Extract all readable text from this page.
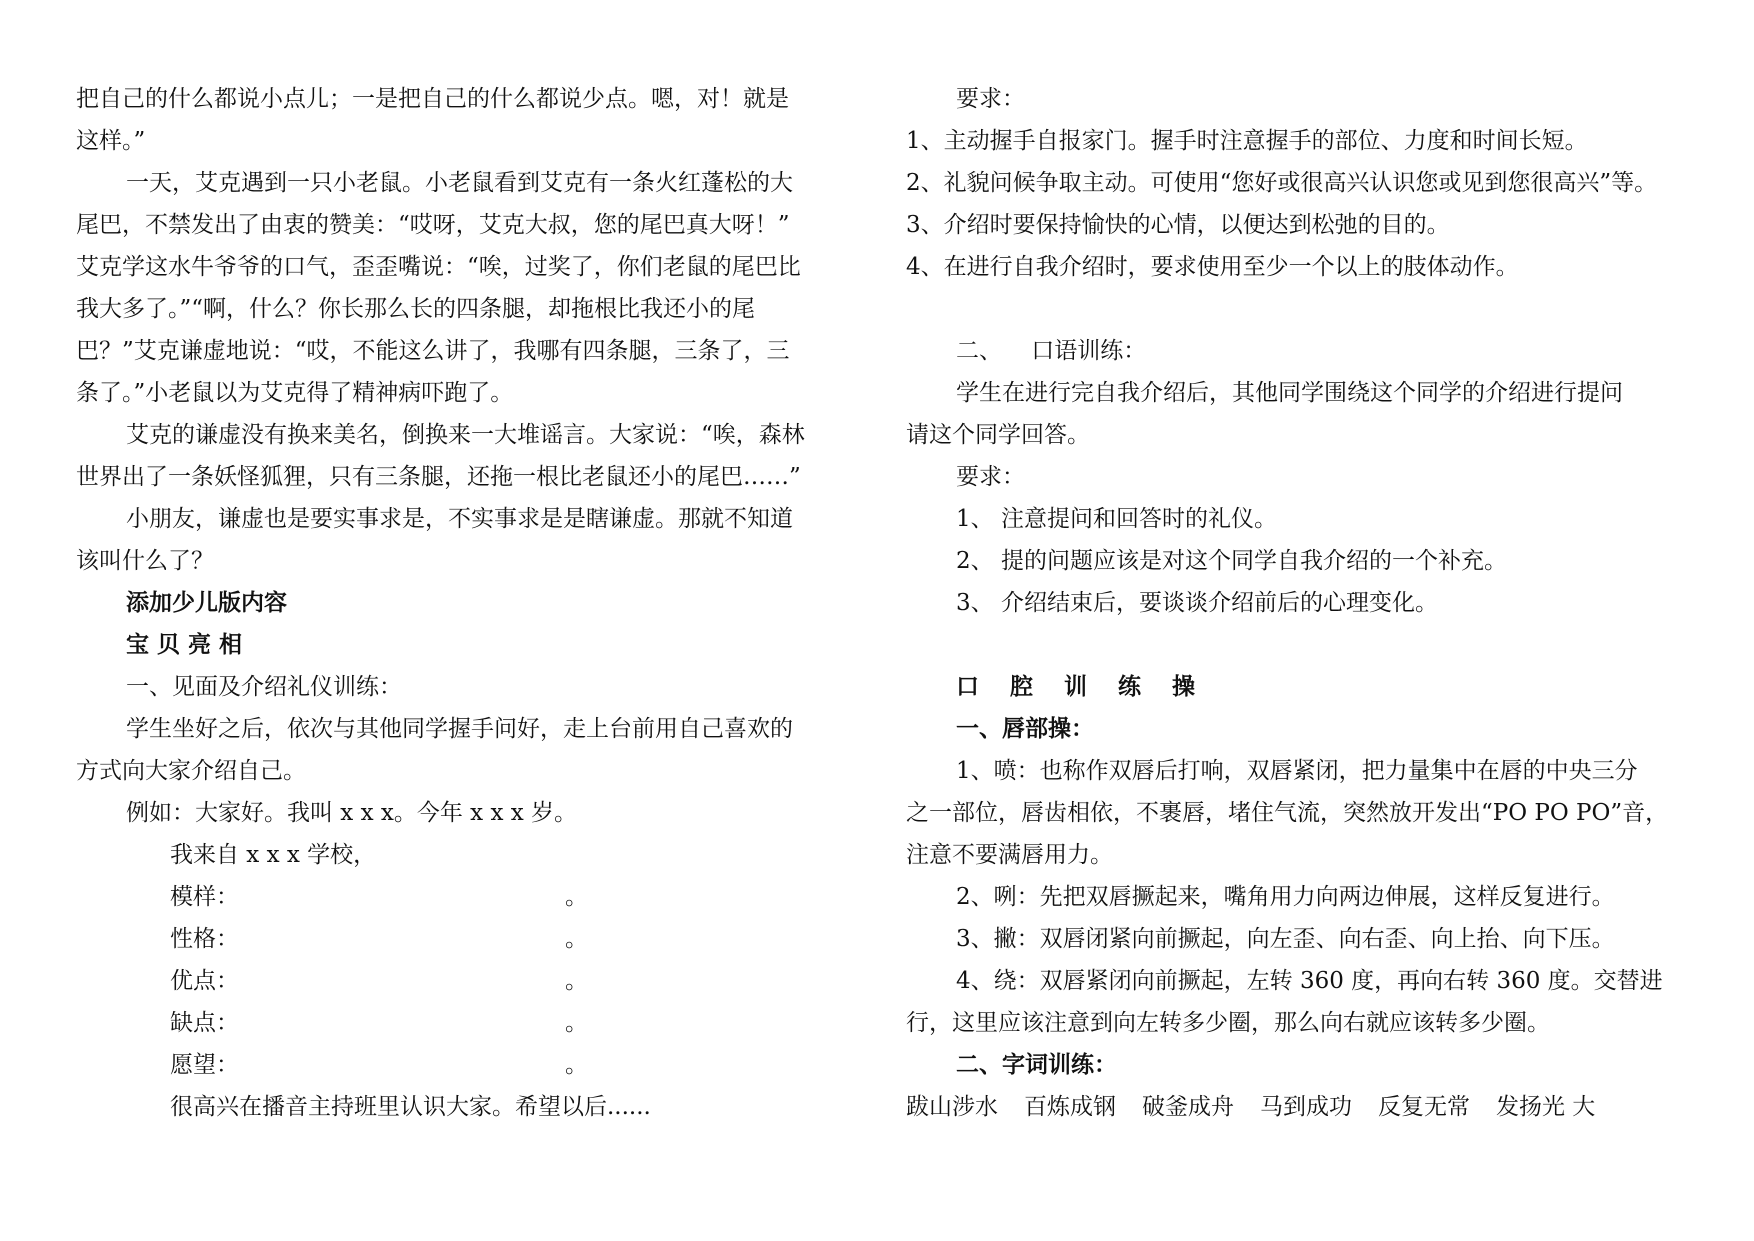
把自己的什么都说小点儿；一是把自己的什么都说少点。嗯，对！就是
这样。”
一天，艾克遇到一只小老鼠。小老鼠看到艾克有一条火红蓬松的大
尾巴，不禁发出了由衷的赞美：“哎呀，艾克大叔，您的尾巴真大呀！”
艾克学这水牛爷爷的口气，歪歪嘴说：“唉，过奖了，你们老鼠的尾巴比
我大多了。”“啊，什么？你长那么长的四条腿，却拖根比我还小的尾
巴？”艾克谦虚地说：“哎，不能这么讲了，我哪有四条腿，三条了，三
条了。”小老鼠以为艾克得了精神病吓跑了。
艾克的谦虚没有换来美名，倒换来一大堆谣言。大家说：“唉，森林
世界出了一条妖怪狐狸，只有三条腿，还拖一根比老鼠还小的尾巴……”
小朋友，谦虚也是要实事求是，不实事求是是瞎谦虚。那就不知道
该叫什么了？
添加少儿版内容
宝 贝 亮 相
一、见面及介绍礼仪训练：
学生坐好之后，依次与其他同学握手问好，走上台前用自己喜欢的
方式向大家介绍自己。
例如：大家好。我叫 x x x。今年 x x x 岁。
我来自 x x x 学校，
模样：	。
性格：	。
优点：	。
缺点：	。
愿望：	。
很高兴在播音主持班里认识大家。希望以后......
要求：
1、主动握手自报家门。握手时注意握手的部位、力度和时间长短。
2、礼貌问候争取主动。可使用“您好或很高兴认识您或见到您很高兴”等。
3、介绍时要保持愉快的心情，以便达到松弛的目的。
4、在进行自我介绍时，要求使用至少一个以上的肢体动作。
二、    口语训练：
学生在进行完自我介绍后，其他同学围绕这个同学的介绍进行提问
请这个同学回答。
要求：
1、 注意提问和回答时的礼仪。
2、 提的问题应该是对这个同学自我介绍的一个补充。
3、 介绍结束后，要谈谈介绍前后的心理变化。
口 腔 训 练 操
一、唇部操：
1、喷：也称作双唇后打响，双唇紧闭，把力量集中在唇的中央三分
之一部位，唇齿相依，不裹唇，堵住气流，突然放开发出“PO PO PO”音，
注意不要满唇用力。
2、咧：先把双唇撅起来，嘴角用力向两边伸展，这样反复进行。
3、撇：双唇闭紧向前撅起，向左歪、向右歪、向上抬、向下压。
4、绕：双唇紧闭向前撅起，左转 360 度，再向右转 360 度。交替进
行，这里应该注意到向左转多少圈，那么向右就应该转多少圈。
二、字词训练：
跋山涉水 百炼成钢 破釜成舟 马到成功 反复无常 发扬光 大
